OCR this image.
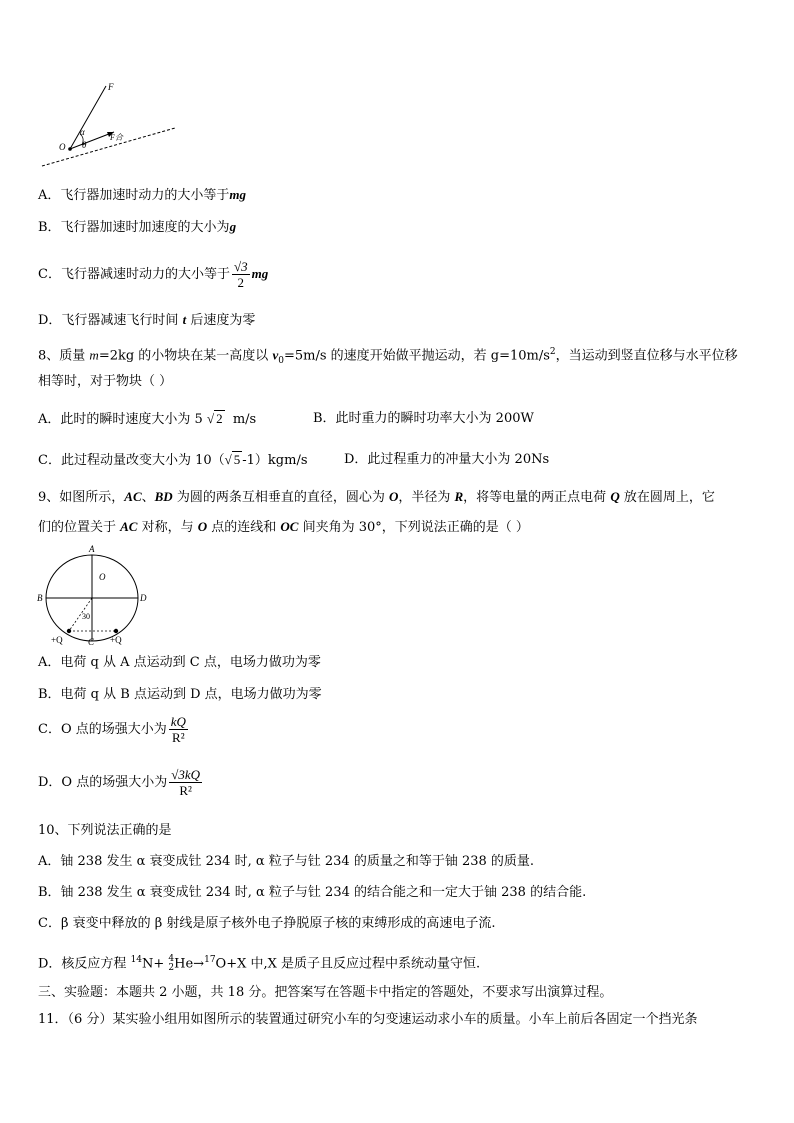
F
α
F合
O θ
A．飞行器加速时动力的大小等于mg
B．飞行器加速时加速度的大小为g
C．飞行器减速时动力的大小等于 $\frac{√3}{2}$ mg
D．飞行器减速飞行时间 t 后速度为零
8、质量 m=2kg 的小物块在某一高度以 $v_0=5m/s$ 的速度开始做平抛运动，若 $g=10m/s^2$，当运动到竖直位移与水平位移
相等时，对于物块（ ）
A．此时的瞬时速度大小为 5 √ 2 m/s	B．此时重力的瞬时功率大小为 200W
C．此过程动量改变大小为 10（√ 5 -1）kgm/s	D．此过程重力的冲量大小为 20Ns
9、如图所示，AC、BD 为圆的两条互相垂直的直径，圆心为 O，半径为 R，将等电量的两正点电荷 Q 放在圆周上，它
们的位置关于 AC 对称，与 O 点的连线和 OC 间夹角为 30°，下列说法正确的是（ ）
A
O
B	D
30
+Q	C +Q
A．电荷 q 从 A 点运动到 C 点，电场力做功为零
B．电荷 q 从 B 点运动到 D 点，电场力做功为零
C．O 点的场强大小为 $\frac{kQ}{\text{R²}}$
D．O 点的场强大小为 $\frac{√3kQ}{\text{R²}}$
10、下列说法正确的是
A．铀 238 发生 α 衰变成钍 234 时, α 粒子与钍 234 的质量之和等于铀 238 的质量.
B．铀 238 发生 α 衰变成钍 234 时, α 粒子与钍 234 的结合能之和一定大于铀 238 的结合能.
C．β 衰变中释放的 β 射线是原子核外电子挣脱原子核的束缚形成的高速电子流.
D．核反应方程 $^{14}$N+ 4
2 He→$^{17}$O+X 中,X 是质子且反应过程中系统动量守恒.
三、实验题：本题共 2 小题，共 18 分。把答案写在答题卡中指定的答题处，不要求写出演算过程。
11．（6 分）某实验小组用如图所示的装置通过研究小车的匀变速运动求小车的质量。小车上前后各固定一个挡光条
